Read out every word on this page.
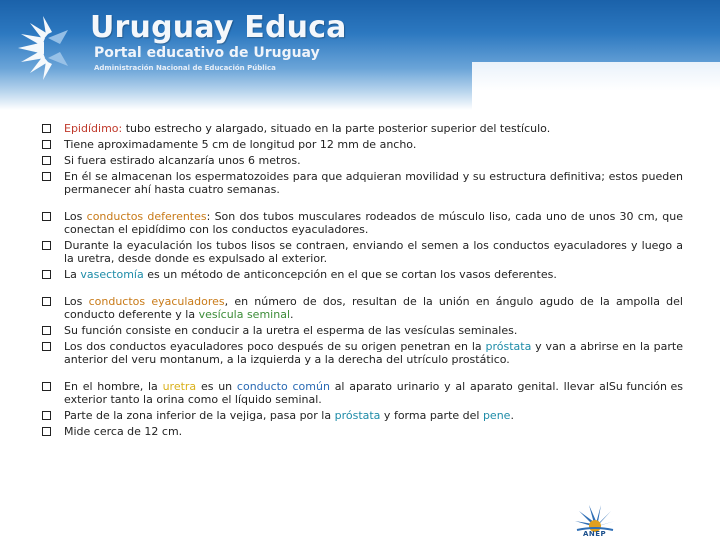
Uruguay Educa
Portal educativo de Uruguay
Administración Nacional de Educación Pública
Epidídimo: tubo estrecho y alargado, situado en la parte posterior superior del testículo.
Tiene aproximadamente 5 cm de longitud por 12 mm de ancho.
Si fuera estirado alcanzaría unos 6 metros.
En él se almacenan los espermatozoides para que adquieran movilidad y su estructura definitiva; estos pueden permanecer ahí hasta cuatro semanas.
Los conductos deferentes: Son dos tubos musculares rodeados de músculo liso, cada uno de unos 30 cm, que conectan el epidídimo con los conductos eyaculadores.
Durante la eyaculación los tubos lisos se contraen, enviando el semen a los conductos eyaculadores y luego a la uretra, desde donde es expulsado al exterior.
La vasectomía es un método de anticoncepción en el que se cortan los vasos deferentes.
Los conductos eyaculadores, en número de dos, resultan de la unión en ángulo agudo de la ampolla del conducto deferente y la vesícula seminal.
Su función consiste en conducir a la uretra el esperma de las vesículas seminales.
Los dos conductos eyaculadores poco después de su origen penetran en la próstata y van a abrirse en la parte anterior del veru montanum, a la izquierda y a la derecha del utrículo prostático.
En el hombre, la uretra es un conducto común al aparato urinario y al aparato genital.	Su función es
llevar al exterior tanto la orina como el líquido seminal.
Parte de la zona inferior de la vejiga, pasa por la próstata y forma parte del pene.
Mide cerca de 12 cm.
ANEP
